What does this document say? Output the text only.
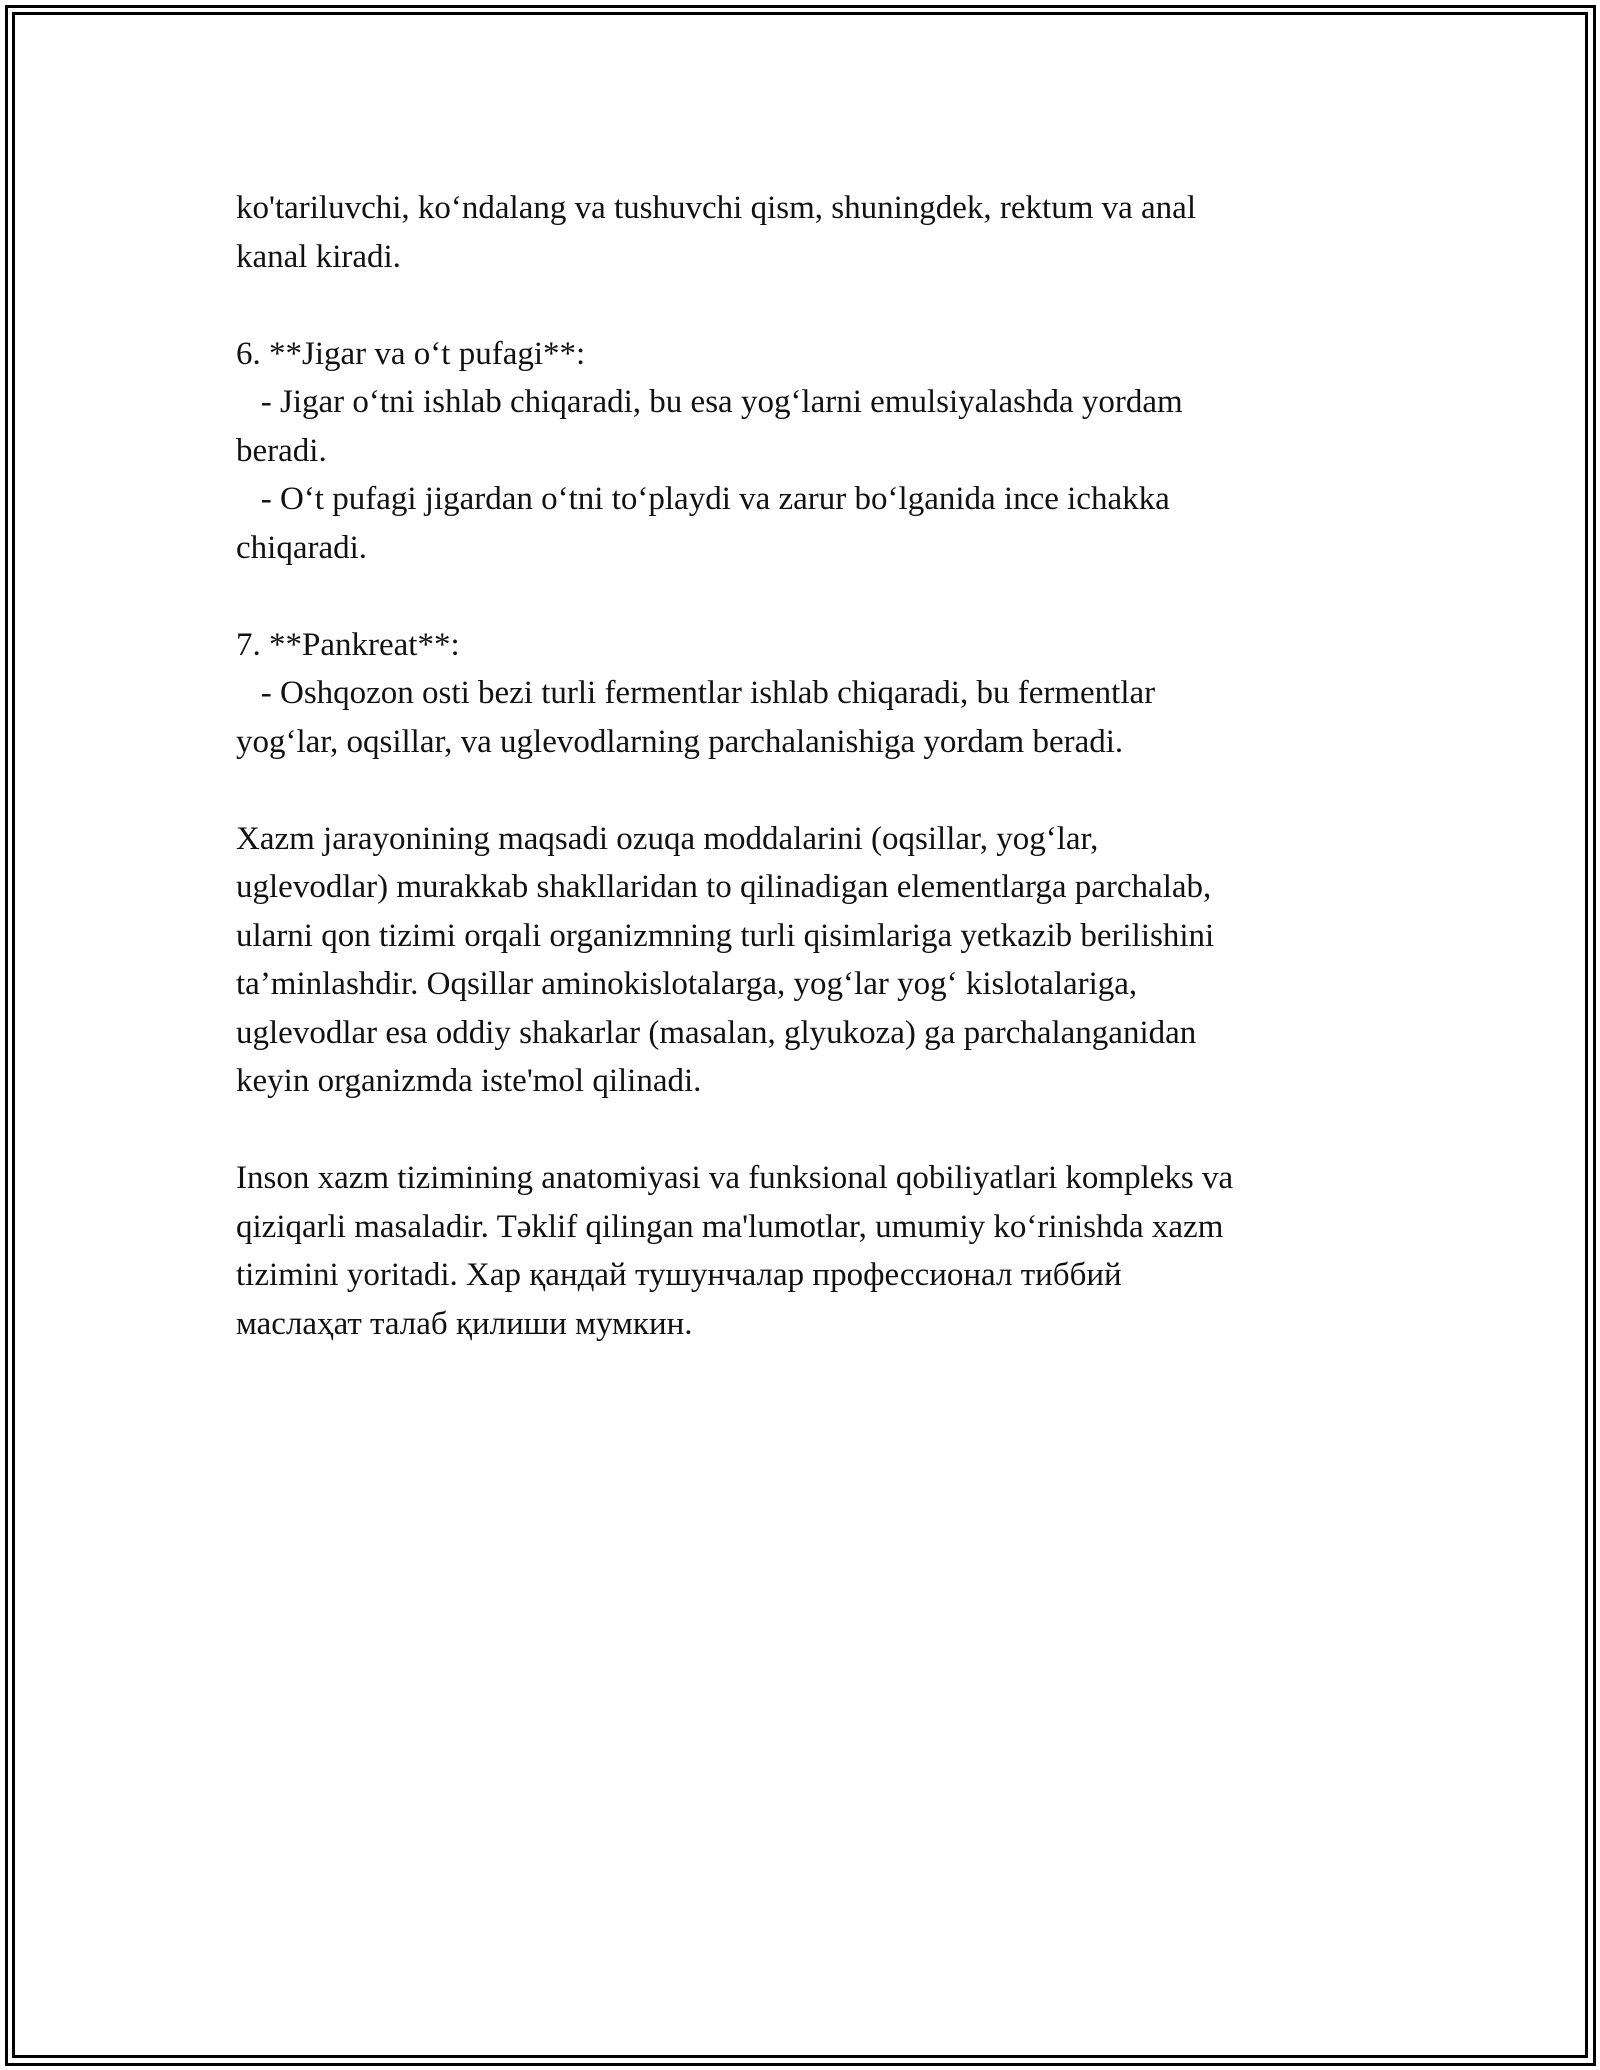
ko'tariluvchi, ko‘ndalang va tushuvchi qism, shuningdek, rektum va anal
kanal kiradi.
6. **Jigar va o‘t pufagi**:
- Jigar o‘tni ishlab chiqaradi, bu esa yog‘larni emulsiyalashda yordam
beradi.
- O‘t pufagi jigardan o‘tni to‘playdi va zarur bo‘lganida ince ichakka
chiqaradi.
7. **Pankreat**:
- Oshqozon osti bezi turli fermentlar ishlab chiqaradi, bu fermentlar
yog‘lar, oqsillar, va uglevodlarning parchalanishiga yordam beradi.
Xazm jarayonining maqsadi ozuqa moddalarini (oqsillar, yog‘lar,
uglevodlar) murakkab shakllaridan to qilinadigan elementlarga parchalab,
ularni qon tizimi orqali organizmning turli qisimlariga yetkazib berilishini
ta’minlashdir. Oqsillar aminokislotalarga, yog‘lar yog‘ kislotalariga,
uglevodlar esa oddiy shakarlar (masalan, glyukoza) ga parchalanganidan
keyin organizmda iste'mol qilinadi.
Inson xazm tizimining anatomiyasi va funksional qobiliyatlari kompleks va
qiziqarli masaladir. Təklif qilingan ma'lumotlar, umumiy ko‘rinishda xazm
tizimini yoritadi. Хар қандай тушунчалар профессионал тиббий
маслаҳат талаб қилиши мумкин.
